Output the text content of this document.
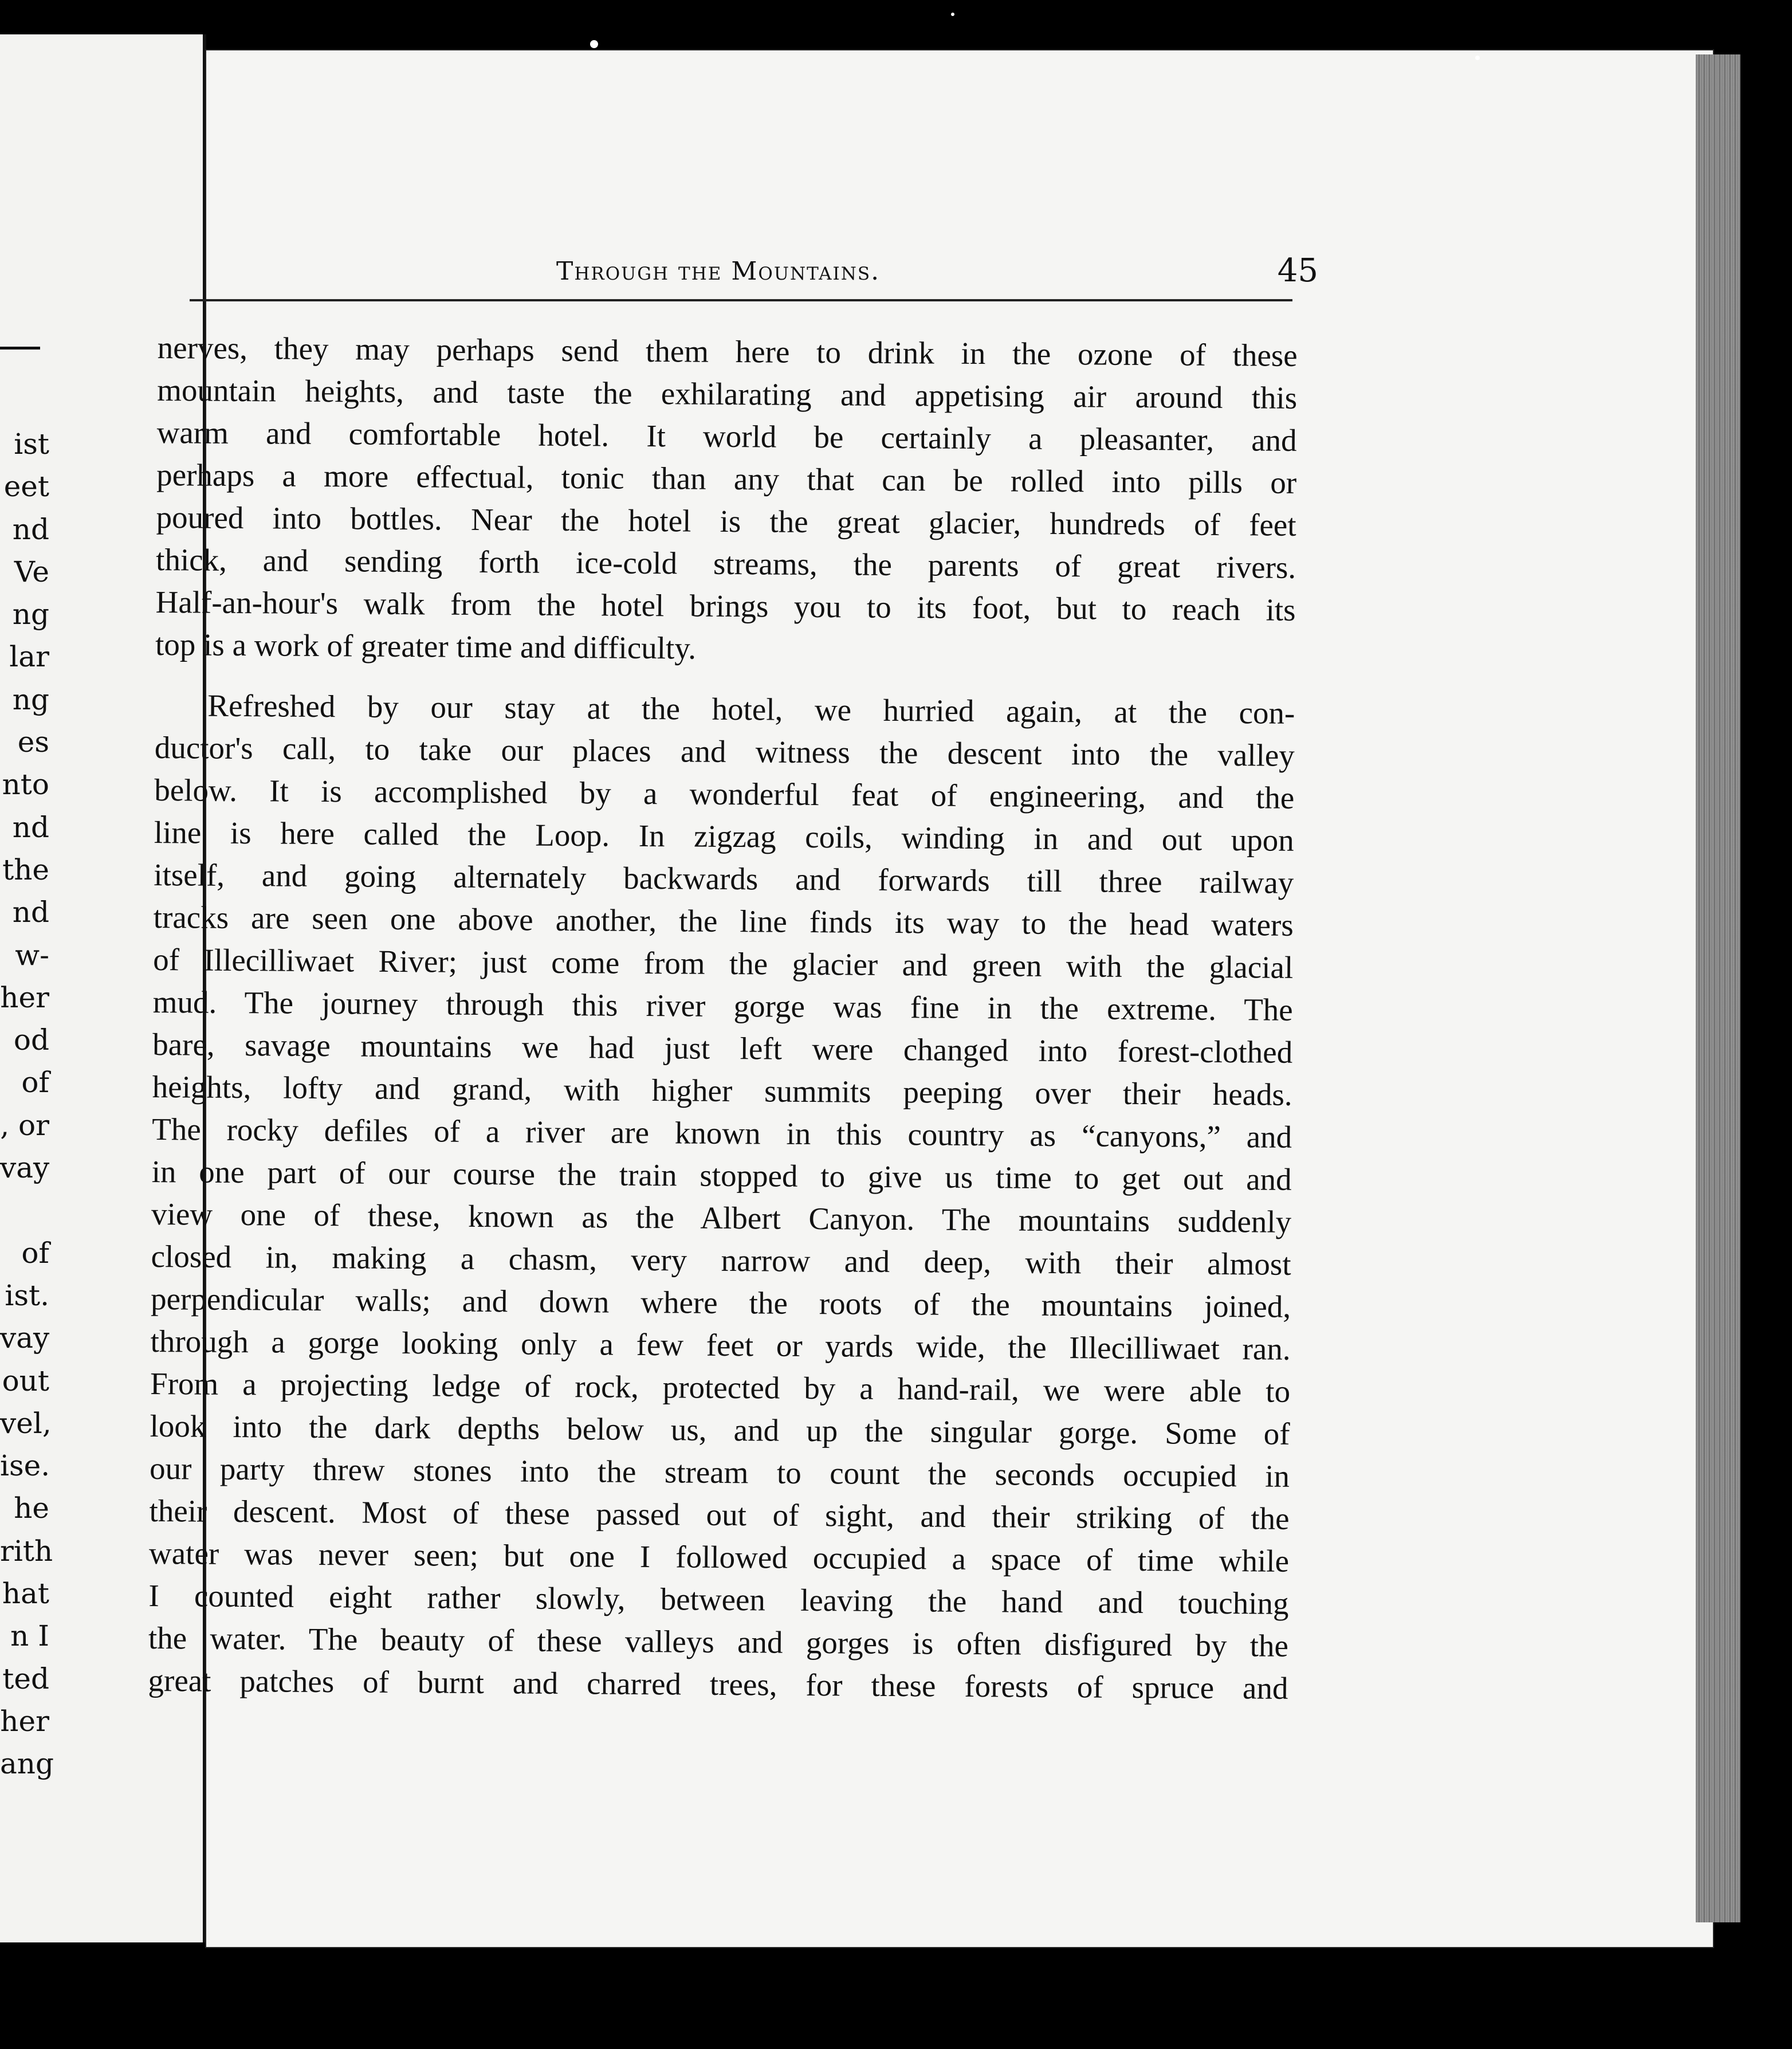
ist
eet
nd
Ve
ng
lar
ng
es
nto
nd
the
nd
w-
her
od
of
, or
vay
of
ist.
vay
out
vel,
ise.
he
rith
hat
n I
ted
her
ang
Through the Mountains.	45
nerves, they may perhaps send them here to drink in the ozone of these
mountain heights, and taste the exhilarating and appetising air around this
warm and comfortable hotel. It world be certainly a pleasanter, and
perhaps a more effectual, tonic than any that can be rolled into pills or
poured into bottles. Near the hotel is the great glacier, hundreds of feet
thick, and sending forth ice-cold streams, the parents of great rivers.
Half-an-hour's walk from the hotel brings you to its foot, but to reach its
top is a work of greater time and difficulty.
Refreshed by our stay at the hotel, we hurried again, at the con-
ductor's call, to take our places and witness the descent into the valley
below. It is accomplished by a wonderful feat of engineering, and the
line is here called the Loop. In zigzag coils, winding in and out upon
itself, and going alternately backwards and forwards till three railway
tracks are seen one above another, the line finds its way to the head waters
of Illecilliwaet River; just come from the glacier and green with the glacial
mud. The journey through this river gorge was fine in the extreme. The
bare, savage mountains we had just left were changed into forest-clothed
heights, lofty and grand, with higher summits peeping over their heads.
The rocky defiles of a river are known in this country as “canyons,” and
in one part of our course the train stopped to give us time to get out and
view one of these, known as the Albert Canyon. The mountains suddenly
closed in, making a chasm, very narrow and deep, with their almost
perpendicular walls; and down where the roots of the mountains joined,
through a gorge looking only a few feet or yards wide, the Illecilliwaet ran.
From a projecting ledge of rock, protected by a hand-rail, we were able to
look into the dark depths below us, and up the singular gorge. Some of
our party threw stones into the stream to count the seconds occupied in
their descent. Most of these passed out of sight, and their striking of the
water was never seen; but one I followed occupied a space of time while
I counted eight rather slowly, between leaving the hand and touching
the water. The beauty of these valleys and gorges is often disfigured by the
great patches of burnt and charred trees, for these forests of spruce and
